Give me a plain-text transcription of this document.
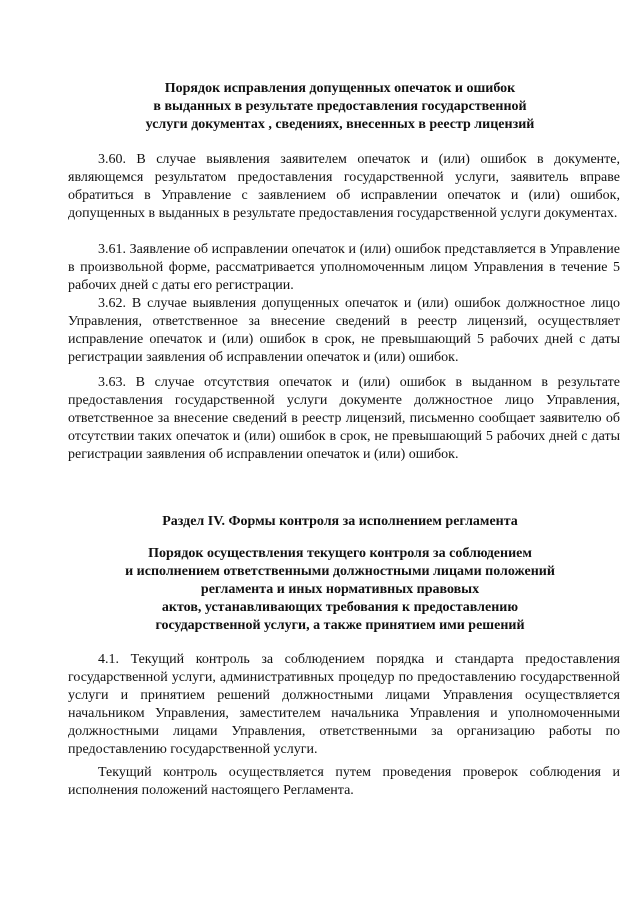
Порядок исправления допущенных опечаток и ошибок
в выданных в результате предоставления государственной
услуги документах , сведениях, внесенных в реестр лицензий

3.60. В случае выявления заявителем опечаток и (или) ошибок в документе, являющемся результатом предоставления государственной услуги, заявитель вправе обратиться в Управление с заявлением об исправлении опечаток и (или) ошибок, допущенных в выданных в результате предоставления государственной услуги документах.

3.61. Заявление об исправлении опечаток и (или) ошибок представляется в Управление в произвольной форме, рассматривается уполномоченным лицом Управления в течение 5 рабочих дней с даты его регистрации.

3.62. В случае выявления допущенных опечаток и (или) ошибок должностное лицо Управления, ответственное за внесение сведений в реестр лицензий, осуществляет исправление опечаток и (или) ошибок в срок, не превышающий 5 рабочих дней с даты регистрации заявления об исправлении опечаток и (или) ошибок.

3.63. В случае отсутствия опечаток и (или) ошибок в выданном в результате предоставления государственной услуги документе должностное лицо Управления, ответственное за внесение сведений в реестр лицензий, письменно сообщает заявителю об отсутствии таких опечаток и (или) ошибок в срок, не превышающий 5 рабочих дней с даты регистрации заявления об исправлении опечаток и (или) ошибок.

Раздел IV. Формы контроля за исполнением регламента
Порядок осуществления текущего контроля за соблюдением
и исполнением ответственными должностными лицами положений
регламента и иных нормативных правовых
актов, устанавливающих требования к предоставлению
государственной услуги, а также принятием ими решений

4.1. Текущий контроль за соблюдением порядка и стандарта предоставления государственной услуги, административных процедур по предоставлению государственной услуги и принятием решений должностными лицами Управления осуществляется начальником Управления, заместителем начальника Управления и уполномоченными должностными лицами Управления, ответственными за организацию работы по предоставлению государственной услуги.

Текущий контроль осуществляется путем проведения проверок соблюдения и исполнения положений настоящего Регламента.
